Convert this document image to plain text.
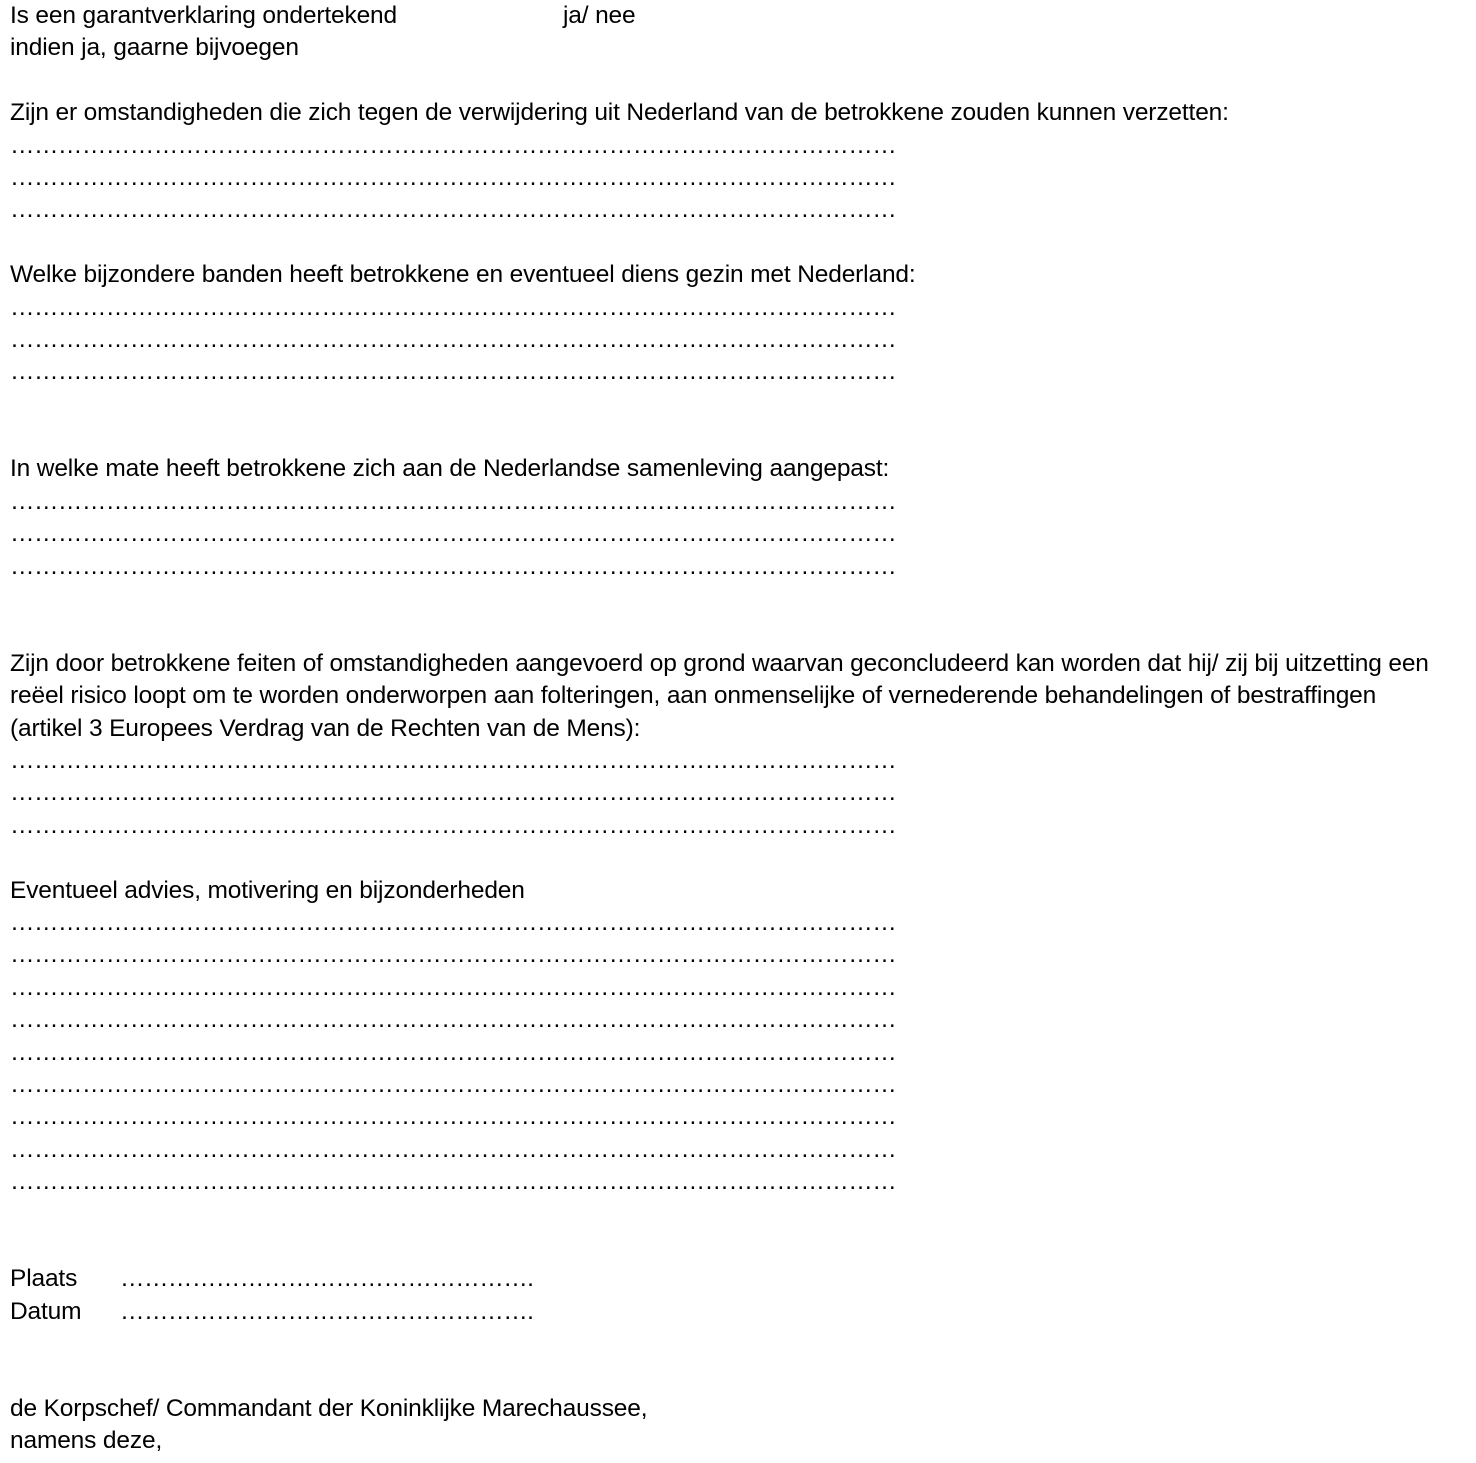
Is een garantverklaring ondertekend	ja/ nee
indien ja, gaarne bijvoegen
Zijn er omstandigheden die zich tegen de verwijdering uit Nederland van de betrokkene zouden kunnen verzetten:
…………………………………………………………………………………………………
…………………………………………………………………………………………………
…………………………………………………………………………………………………
Welke bijzondere banden heeft betrokkene en eventueel diens gezin met Nederland:
…………………………………………………………………………………………………
…………………………………………………………………………………………………
…………………………………………………………………………………………………
In welke mate heeft betrokkene zich aan de Nederlandse samenleving aangepast:
…………………………………………………………………………………………………
…………………………………………………………………………………………………
…………………………………………………………………………………………………
Zijn door betrokkene feiten of omstandigheden aangevoerd op grond waarvan geconcludeerd kan worden dat hij/ zij bij uitzetting een reëel risico loopt om te worden onderworpen aan folteringen, aan onmenselijke of vernederende behandelingen of bestraffingen (artikel 3 Europees Verdrag van de Rechten van de Mens):
…………………………………………………………………………………………………
…………………………………………………………………………………………………
…………………………………………………………………………………………………
Eventueel advies, motivering en bijzonderheden
…………………………………………………………………………………………………
…………………………………………………………………………………………………
…………………………………………………………………………………………………
…………………………………………………………………………………………………
…………………………………………………………………………………………………
…………………………………………………………………………………………………
…………………………………………………………………………………………………
…………………………………………………………………………………………………
…………………………………………………………………………………………………
Plaats …………………………………………….
Datum …………………………………………….
de Korpschef/ Commandant der Koninklijke Marechaussee,
namens deze,
